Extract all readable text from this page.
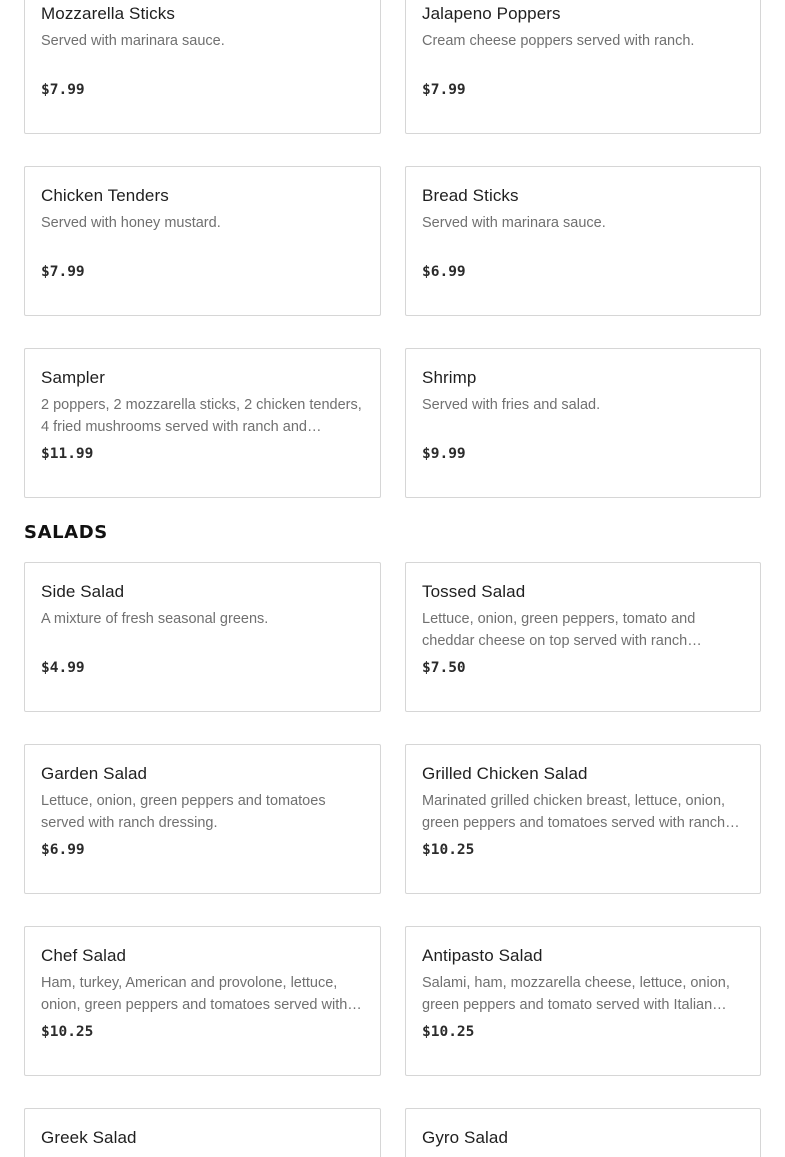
Mozzarella Sticks
Served with marinara sauce.
$7.99
Jalapeno Poppers
Cream cheese poppers served with ranch.
$7.99
Chicken Tenders
Served with honey mustard.
$7.99
Bread Sticks
Served with marinara sauce.
$6.99
Sampler
2 poppers, 2 mozzarella sticks, 2 chicken tenders, 4 fried mushrooms served with ranch and…
$11.99
Shrimp
Served with fries and salad.
$9.99
SALADS
Side Salad
A mixture of fresh seasonal greens.
$4.99
Tossed Salad
Lettuce, onion, green peppers, tomato and cheddar cheese on top served with ranch
$7.50
Garden Salad
Lettuce, onion, green peppers and tomatoes served with ranch dressing.
$6.99
Grilled Chicken Salad
Marinated grilled chicken breast, lettuce, onion, green peppers and tomatoes served with ranch…
$10.25
Chef Salad
Ham, turkey, American and provolone, lettuce, onion, green peppers and tomatoes served with…
$10.25
Antipasto Salad
Salami, ham, mozzarella cheese, lettuce, onion, green peppers and tomato served with Italian…
$10.25
Greek Salad	Gyro Salad
